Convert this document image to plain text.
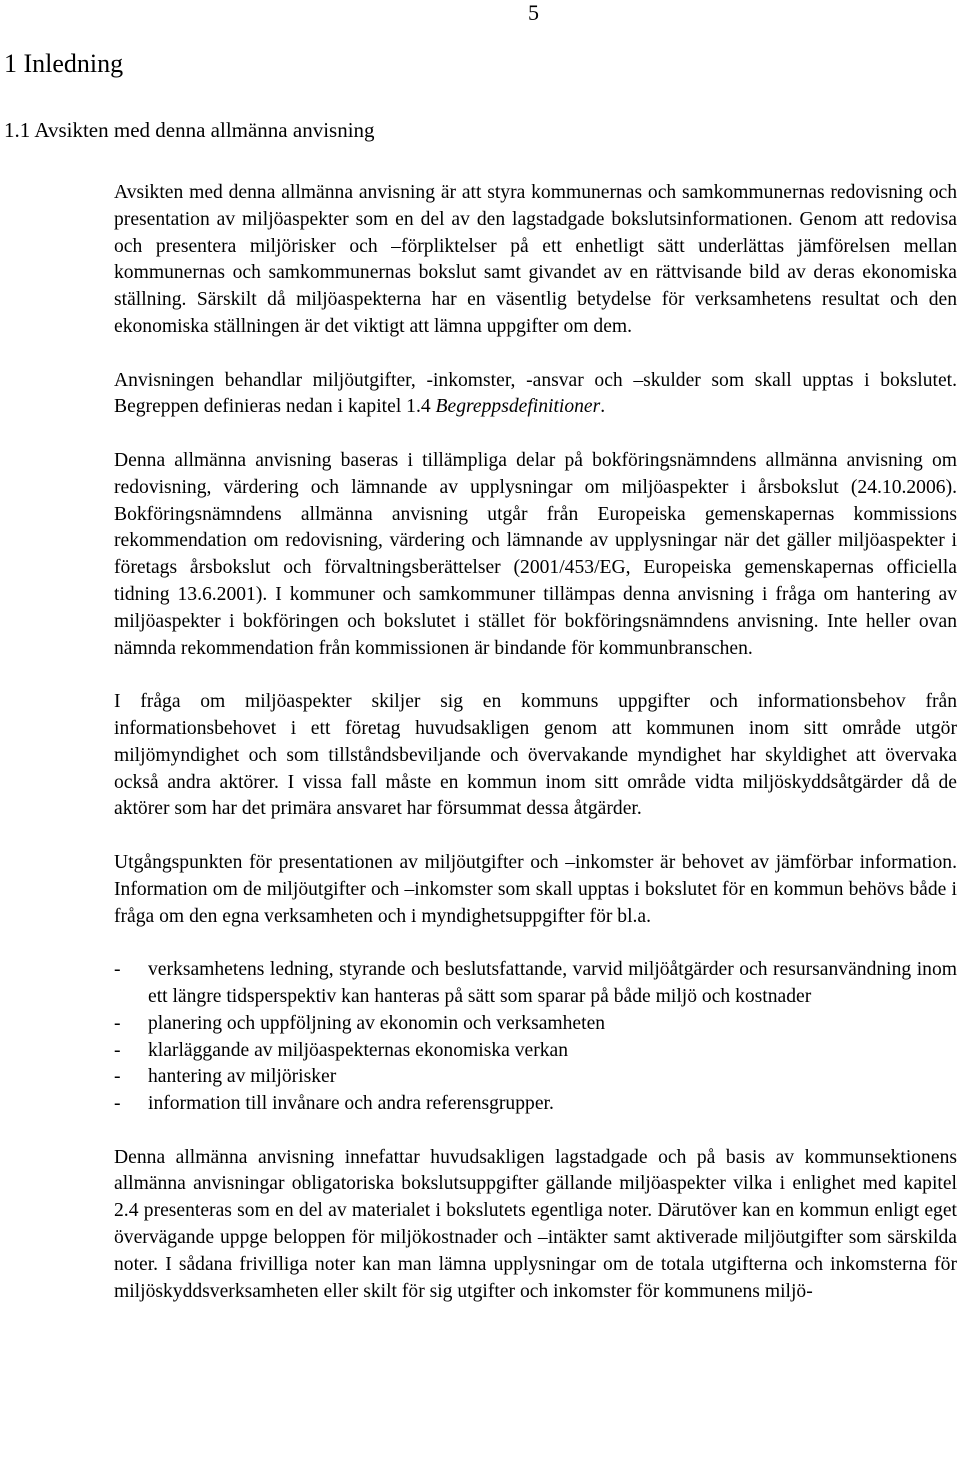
5
1 Inledning
1.1 Avsikten med denna allmänna anvisning

Avsikten med denna allmänna anvisning är att styra kommunernas och samkommunernas redovisning och presentation av miljöaspekter som en del av den lagstadgade bokslutsinformationen. Genom att redovisa och presentera miljörisker och –förpliktelser på ett enhetligt sätt underlättas jämförelsen mellan kommunernas och samkommunernas bokslut samt givandet av en rättvisande bild av deras ekonomiska ställning. Särskilt då miljöaspekterna har en väsentlig betydelse för verksamhetens resultat och den ekonomiska ställningen är det viktigt att lämna uppgifter om dem.

Anvisningen behandlar miljöutgifter, -inkomster, -ansvar och –skulder som skall upptas i bokslutet. Begreppen definieras nedan i kapitel 1.4 Begreppsdefinitioner.

Denna allmänna anvisning baseras i tillämpliga delar på bokföringsnämndens allmänna anvisning om redovisning, värdering och lämnande av upplysningar om miljöaspekter i årsbokslut (24.10.2006). Bokföringsnämndens allmänna anvisning utgår från Europeiska gemenskapernas kommissions rekommendation om redovisning, värdering och lämnande av upplysningar när det gäller miljöaspekter i företags årsbokslut och förvaltningsberättelser (2001/453/EG, Europeiska gemenskapernas officiella tidning 13.6.2001). I kommuner och samkommuner tillämpas denna anvisning i fråga om hantering av miljöaspekter i bokföringen och bokslutet i stället för bokföringsnämndens anvisning. Inte heller ovan nämnda rekommendation från kommissionen är bindande för kommunbranschen.

I fråga om miljöaspekter skiljer sig en kommuns uppgifter och informationsbehov från informationsbehovet i ett företag huvudsakligen genom att kommunen inom sitt område utgör miljömyndighet och som tillståndsbeviljande och övervakande myndighet har skyldighet att övervaka också andra aktörer. I vissa fall måste en kommun inom sitt område vidta miljöskyddsåtgärder då de aktörer som har det primära ansvaret har försummat dessa åtgärder.

Utgångspunkten för presentationen av miljöutgifter och –inkomster är behovet av jämförbar information. Information om de miljöutgifter och –inkomster som skall upptas i bokslutet för en kommun behövs både i fråga om den egna verksamheten och i myndighetsuppgifter för bl.a.

- verksamhetens ledning, styrande och beslutsfattande, varvid miljöåtgärder och resursanvändning inom ett längre tidsperspektiv kan hanteras på sätt som sparar på både miljö och kostnader
- planering och uppföljning av ekonomin och verksamheten
- klarläggande av miljöaspekternas ekonomiska verkan
- hantering av miljörisker
- information till invånare och andra referensgrupper.

Denna allmänna anvisning innefattar huvudsakligen lagstadgade och på basis av kommunsektionens allmänna anvisningar obligatoriska bokslutsuppgifter gällande miljöaspekter vilka i enlighet med kapitel 2.4 presenteras som en del av materialet i bokslutets egentliga noter. Därutöver kan en kommun enligt eget övervägande uppge beloppen för miljökostnader och –intäkter samt aktiverade miljöutgifter som särskilda noter. I sådana frivilliga noter kan man lämna upplysningar om de totala utgifterna och inkomsterna för miljöskyddsverksamheten eller skilt för sig utgifter och inkomster för kommunens miljö-
